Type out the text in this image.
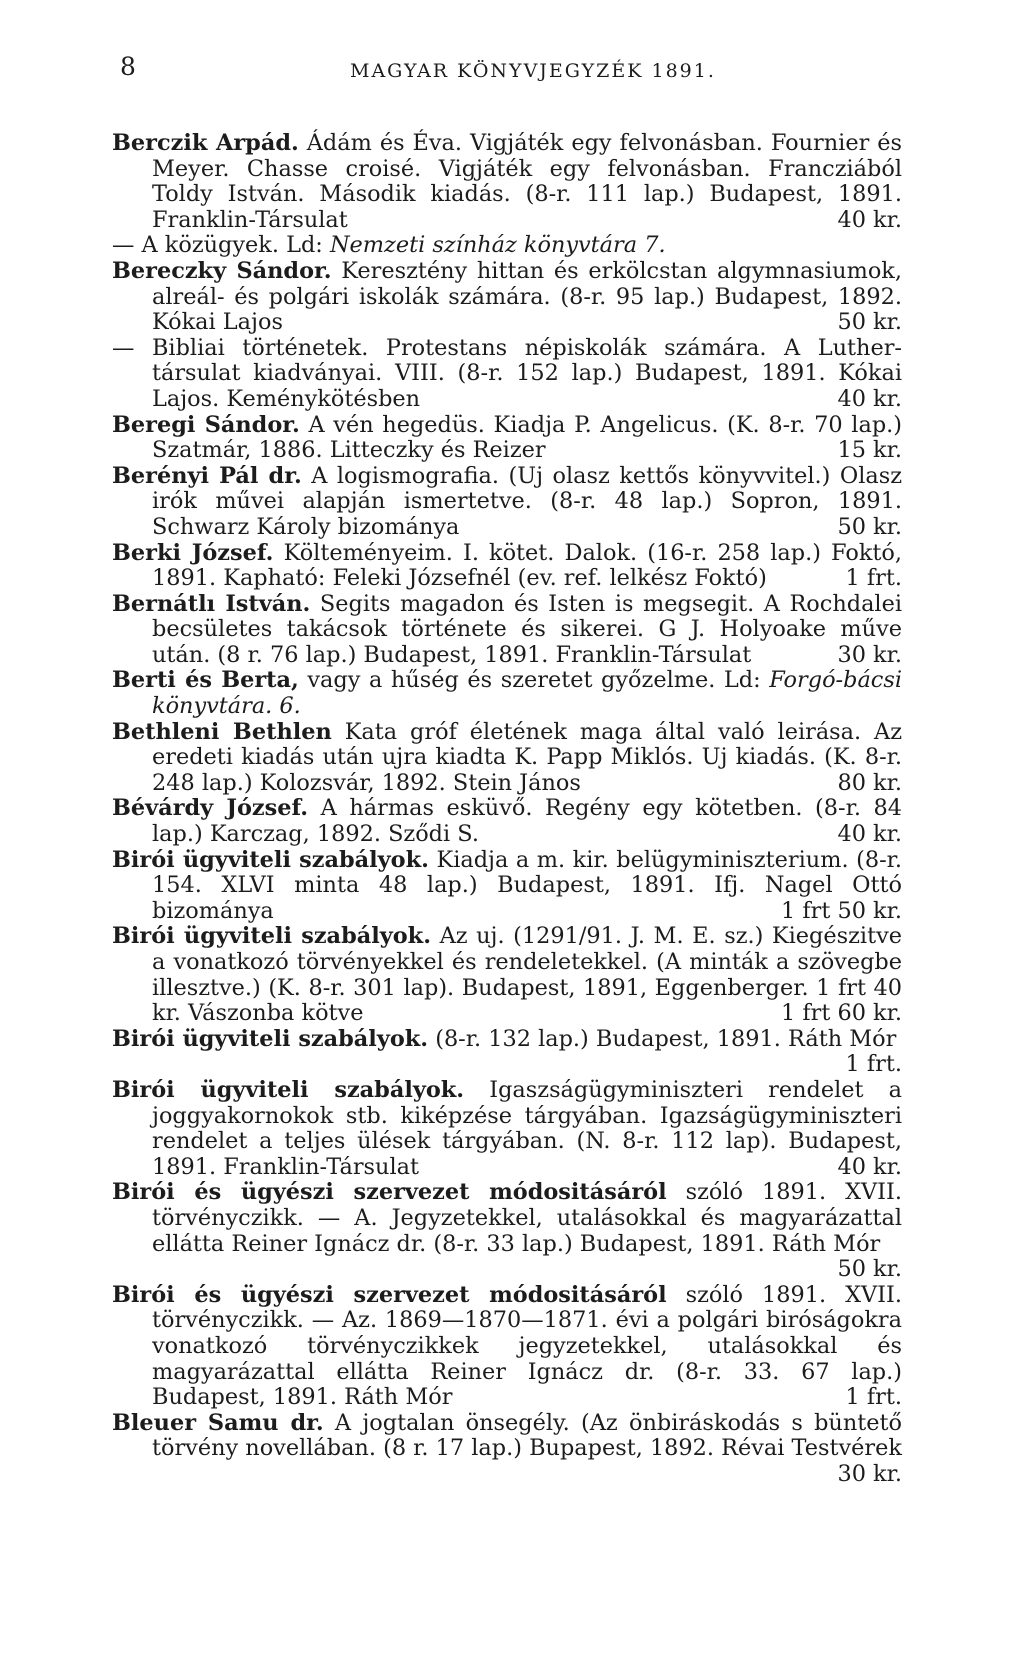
8	MAGYAR KÖNYVJEGYZÉK 1891.

Berczik Arpád. Ádám és Éva. Vigjáték egy felvonásban. Fournier és Meyer. Chasse croisé. Vigjáték egy felvonásban. Francziából Toldy István. Második kiadás. (8-r. 111 lap.) Budapest, 1891. Franklin-Társulat	40 kr.

— A közügyek. Ld: Nemzeti színház könyvtára 7.

Bereczky Sándor. Keresztény hittan és erkölcstan algymnasiumok, alreál- és polgári iskolák számára. (8-r. 95 lap.) Budapest, 1892. Kókai Lajos	50 kr.

— Bibliai történetek. Protestans népiskolák számára. A Luther-társulat kiadványai. VIII. (8-r. 152 lap.) Budapest, 1891. Kókai Lajos. Keménykötésben	40 kr.

Beregi Sándor. A vén hegedüs. Kiadja P. Angelicus. (K. 8-r. 70 lap.) Szatmár, 1886. Litteczky és Reizer	15 kr.

Berényi Pál dr. A logismografia. (Uj olasz kettős könyvvitel.) Olasz irók művei alapján ismertetve. (8-r. 48 lap.) Sopron, 1891. Schwarz Károly bizománya	50 kr.

Berki József. Költeményeim. I. kötet. Dalok. (16-r. 258 lap.) Foktó, 1891. Kapható: Feleki Józsefnél (ev. ref. lelkész Foktó)	1 frt.

Bernátlı István. Segits magadon és Isten is megsegit. A Rochdalei becsületes takácsok története és sikerei. G J. Holyoake műve után. (8 r. 76 lap.) Budapest, 1891. Franklin-Társulat	30 kr.

Berti és Berta, vagy a hűség és szeretet győzelme. Ld: Forgó-bácsi könyvtára. 6.

Bethleni Bethlen Kata gróf életének maga által való leirása. Az eredeti kiadás után ujra kiadta K. Papp Miklós. Uj kiadás. (K. 8-r. 248 lap.) Kolozsvár, 1892. Stein János	80 kr.

Bévárdy József. A hármas esküvő. Regény egy kötetben. (8-r. 84 lap.) Karczag, 1892. Sződi S.	40 kr.

Birói ügyviteli szabályok. Kiadja a m. kir. belügyminiszterium. (8-r. 154. XLVI minta 48 lap.) Budapest, 1891. Ifj. Nagel Ottó bizománya	1 frt 50 kr.

Birói ügyviteli szabályok. Az uj. (1291/91. J. M. E. sz.) Kiegészitve a vonatkozó törvényekkel és rendeletekkel. (A minták a szövegbe illesztve.) (K. 8-r. 301 lap). Budapest, 1891, Eggenberger. 1 frt 40 kr. Vászonba kötve	1 frt 60 kr.

Birói ügyviteli szabályok. (8-r. 132 lap.) Budapest, 1891. Ráth Mór
1 frt.

Birói ügyviteli szabályok. Igaszságügyminiszteri rendelet a joggyakornokok stb. kiképzése tárgyában. Igazságügyminiszteri rendelet a teljes ülések tárgyában. (N. 8-r. 112 lap). Budapest, 1891. Franklin-Társulat	40 kr.

Birói és ügyészi szervezet módositásáról szóló 1891. XVII. törvényczikk. — A. Jegyzetekkel, utalásokkal és magyarázattal ellátta Reiner Ignácz dr. (8-r. 33 lap.) Budapest, 1891. Ráth Mór
50 kr.

Birói és ügyészi szervezet módositásáról szóló 1891. XVII. törvényczikk. — Az. 1869—1870—1871. évi a polgári biróságokra vonatkozó törvényczikkek jegyzetekkel, utalásokkal és magyarázattal ellátta Reiner Ignácz dr. (8-r. 33. 67 lap.) Budapest, 1891. Ráth Mór	1 frt.

Bleuer Samu dr. A jogtalan önsegély. (Az önbiráskodás s büntető törvény novellában. (8 r. 17 lap.) Bupapest, 1892. Révai Testvérek
30 kr.
